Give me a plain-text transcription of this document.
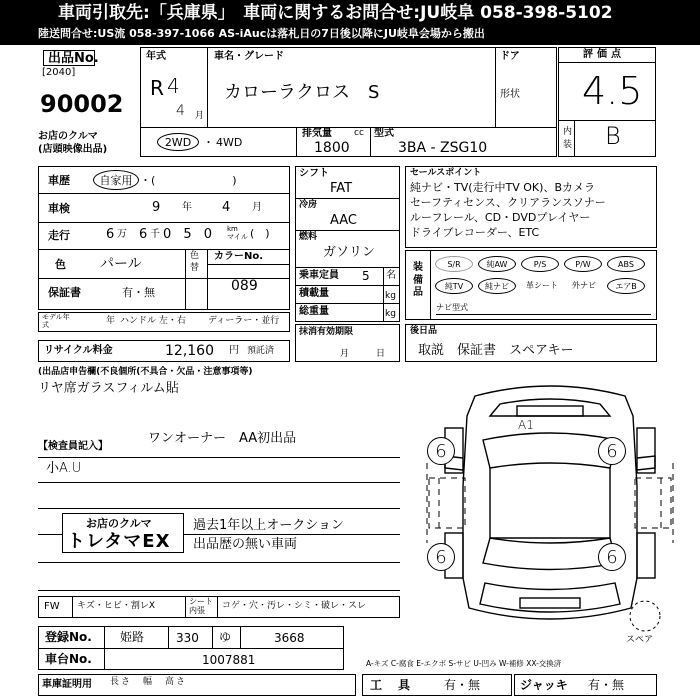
車両引取先:「兵庫県」　車両に関するお問合せ:JU岐阜 058-398-5102
陸送問合せ:US流 058-397-1066 AS-iAucは落札日の7日後以降にJU岐阜会場から搬出
出品No.
[2040]
90002
お店のクルマ
(店頭映像出品)
年式
R 4
4 月
車名・グレード
カローラクロス　S
ドア
形状
評価点
4.5
内装 B
2WD	・ 4WD
排気量 cc
1800
型式
3BA - ZSG10
車歴	自家用 ・(　　　　　　　)
車検	9 年 4 月
走行	6 万 6 千 0 5 0 km
マイル (　)
色 パール	色替
カラーNo.
089
保証書	有・無
モデル年式	年 ハンドル 左・右 ディーラー・並行
リサイクル料金	12,160 円 預託済
シフト
FAT
冷房
AAC
燃料
ガソリン
乗車定員 5 名
積載量	kg
総重量	kg
抹消有効期限
月　　　日
セールスポイント
純ナビ・TV(走行中TV OK)、Bカメラ
セーフティセンス、クリアランスソナー
ルーフレール、CD・DVDプレイヤー
ドライブレコーダー、ETC
装備品
S/R	純AW	P/S	P/W	ABS
純TV	純ナビ	革シート 外ナビ	エアB
ナビ型式
後日品
取説　保証書　スペアキー
(出品店申告欄(不良個所(不具合・欠品・注意事項等)
リヤ席ガラスフィルム貼
【検査員記入】
ワンオーナー　AA初出品
小A.U
お店のクルマ
トレタマEX
過去1年以上オークション
出品歴の無い車両
6	6
6	6
A1
スペア
FW キズ・ヒビ・割レX	シート内張	コゲ・穴・汚レ・シミ・破レ・スレ
登録No. 姫路	330 ゆ	3668
車台No.	1007881	A-キズ C-腐食 E-エクボ S-サビ U-凹み W-補修 XX-交換済
車庫証明用 長さ　幅　高さ	工　具	有・無	ジャッキ 有・無
